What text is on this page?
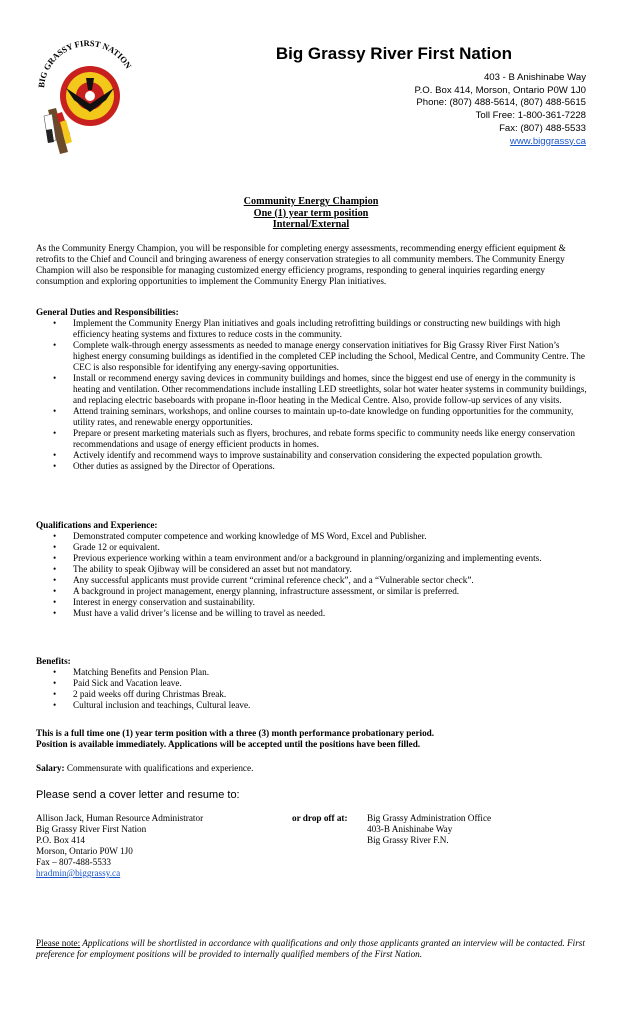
BIG GRASSY FIRST NATION
Big Grassy River First Nation
403 - B Anishinabe Way
P.O. Box 414, Morson, Ontario P0W 1J0
Phone: (807) 488-5614, (807) 488-5615
Toll Free: 1-800-361-7228
Fax: (807) 488-5533
www.biggrassy.ca
Community Energy Champion
One (1) year term position
Internal/External
As the Community Energy Champion, you will be responsible for completing energy assessments, recommending energy efficient equipment & retrofits to the Chief and Council and bringing awareness of energy conservation strategies to all community members. The Community Energy Champion will also be responsible for managing customized energy efficiency programs, responding to general inquiries regarding energy consumption and exploring opportunities to implement the Community Energy Plan initiatives.
General Duties and Responsibilities:
• Implement the Community Energy Plan initiatives and goals including retrofitting buildings or constructing new buildings with high efficiency heating systems and fixtures to reduce costs in the community.
• Complete walk-through energy assessments as needed to manage energy conservation initiatives for Big Grassy River First Nation’s highest energy consuming buildings as identified in the completed CEP including the School, Medical Centre, and Community Centre. The CEC is also responsible for identifying any energy-saving opportunities.
• Install or recommend energy saving devices in community buildings and homes, since the biggest end use of energy in the community is heating and ventilation. Other recommendations include installing LED streetlights, solar hot water heater systems in community buildings, and replacing electric baseboards with propane in-floor heating in the Medical Centre. Also, provide follow-up services of any visits.
• Attend training seminars, workshops, and online courses to maintain up-to-date knowledge on funding opportunities for the community, utility rates, and renewable energy opportunities.
• Prepare or present marketing materials such as flyers, brochures, and rebate forms specific to community needs like energy conservation recommendations and usage of energy efficient products in homes.
• Actively identify and recommend ways to improve sustainability and conservation considering the expected population growth.
• Other duties as assigned by the Director of Operations.
Qualifications and Experience:
• Demonstrated computer competence and working knowledge of MS Word, Excel and Publisher.
• Grade 12 or equivalent.
• Previous experience working within a team environment and/or a background in planning/organizing and implementing events.
• The ability to speak Ojibway will be considered an asset but not mandatory.
• Any successful applicants must provide current “criminal reference check”, and a “Vulnerable sector check”.
• A background in project management, energy planning, infrastructure assessment, or similar is preferred.
• Interest in energy conservation and sustainability.
• Must have a valid driver’s license and be willing to travel as needed.
Benefits:
• Matching Benefits and Pension Plan.
• Paid Sick and Vacation leave.
• 2 paid weeks off during Christmas Break.
• Cultural inclusion and teachings, Cultural leave.
This is a full time one (1) year term position with a three (3) month performance probationary period.
Position is available immediately. Applications will be accepted until the positions have been filled.
Salary: Commensurate with qualifications and experience.
Please send a cover letter and resume to:
Allison Jack, Human Resource Administrator
Big Grassy River First Nation
P.O. Box 414
Morson, Ontario P0W 1J0
Fax – 807-488-5533
hradmin@biggrassy.ca
or drop off at: Big Grassy Administration Office
403-B Anishinabe Way
Big Grassy River F.N.
Please note: Applications will be shortlisted in accordance with qualifications and only those applicants granted an interview will be contacted. First preference for employment positions will be provided to internally qualified members of the First Nation.
